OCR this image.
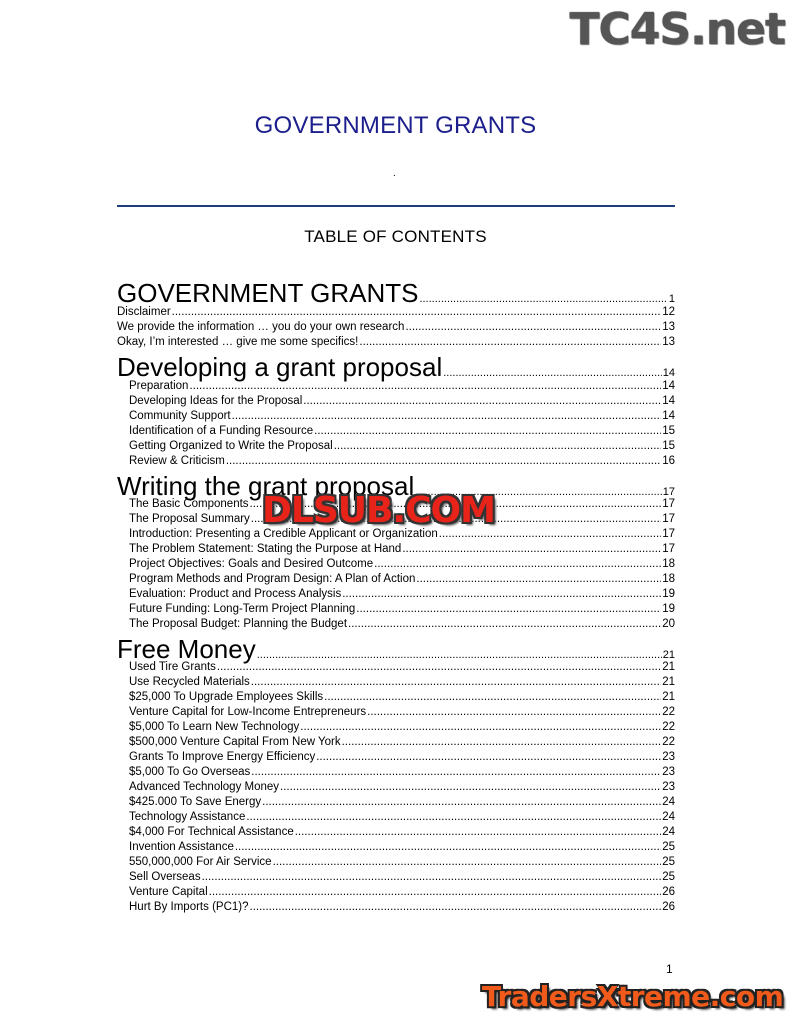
TC4S.net
GOVERNMENT GRANTS
.
TABLE OF CONTENTS
GOVERNMENT GRANTS .....	1
Disclaimer .....	12
We provide the information … you do your own research .....	13
Okay, I’m interested … give me some specifics! .....	13
Developing a grant proposal .....	14
Preparation .....	14
Developing Ideas for the Proposal .....	14
Community Support .....	14
Identification of a Funding Resource .....	15
Getting Organized to Write the Proposal .....	15
Review & Criticism .....	16
Writing the grant proposal .....	17
The Basic Components .....	17
The Proposal Summary .....	17
Introduction: Presenting a Credible Applicant or Organization .....	17
The Problem Statement: Stating the Purpose at Hand .....	17
Project Objectives: Goals and Desired Outcome .....	18
Program Methods and Program Design: A Plan of Action .....	18
Evaluation: Product and Process Analysis .....	19
Future Funding: Long-Term Project Planning .....	19
The Proposal Budget: Planning the Budget .....	20
Free Money .....	21
Used Tire Grants .....	21
Use Recycled Materials .....	21
$25,000 To Upgrade Employees Skills .....	21
Venture Capital for Low-Income Entrepreneurs .....	22
$5,000 To Learn New Technology .....	22
$500,000 Venture Capital From New York .....	22
Grants To Improve Energy Efficiency .....	23
$5,000 To Go Overseas .....	23
Advanced Technology Money .....	23
$425.000 To Save Energy .....	24
Technology Assistance .....	24
$4,000 For Technical Assistance .....	24
Invention Assistance .....	25
550,000,000 For Air Service .....	25
Sell Overseas .....	25
Venture Capital .....	26
Hurt By Imports (PC1)? .....	26
DLSUB.COM
1
TradersXtreme.com
